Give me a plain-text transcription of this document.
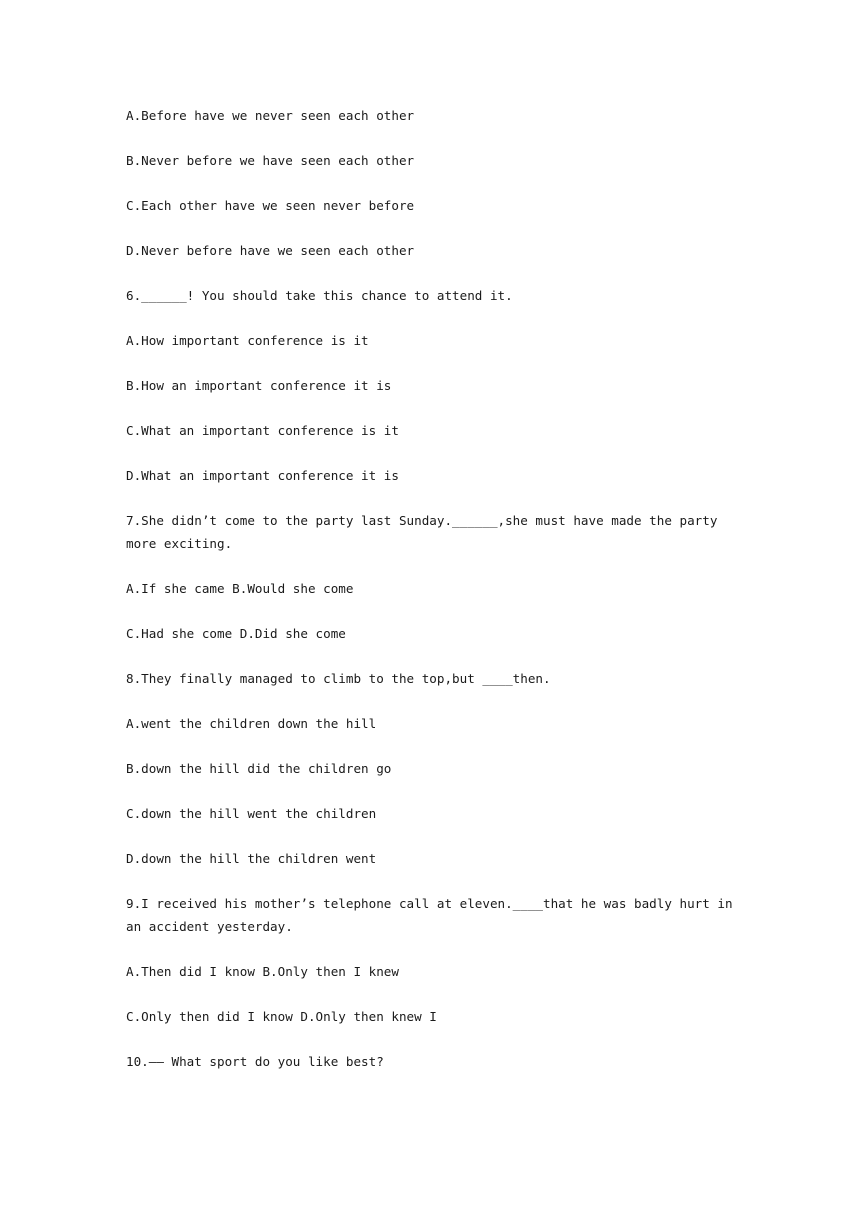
A.Before have we never seen each other

B.Never before we have seen each other

C.Each other have we seen never before

D.Never before have we seen each other

6.______! You should take this chance to attend it.

A.How important conference is it

B.How an important conference it is

C.What an important conference is it

D.What an important conference it is

7.She didn’t come to the party last Sunday.______,she must have made the party more exciting.

A.If she came B.Would she come

C.Had she come D.Did she come

8.They finally managed to climb to the top,but ____then.

A.went the children down the hill

B.down the hill did the children go

C.down the hill went the children

D.down the hill the children went

9.I received his mother’s telephone call at eleven.____that he was badly hurt in an accident yesterday.

A.Then did I know B.Only then I knew

C.Only then did I know D.Only then knew I

10.—— What sport do you like best?
